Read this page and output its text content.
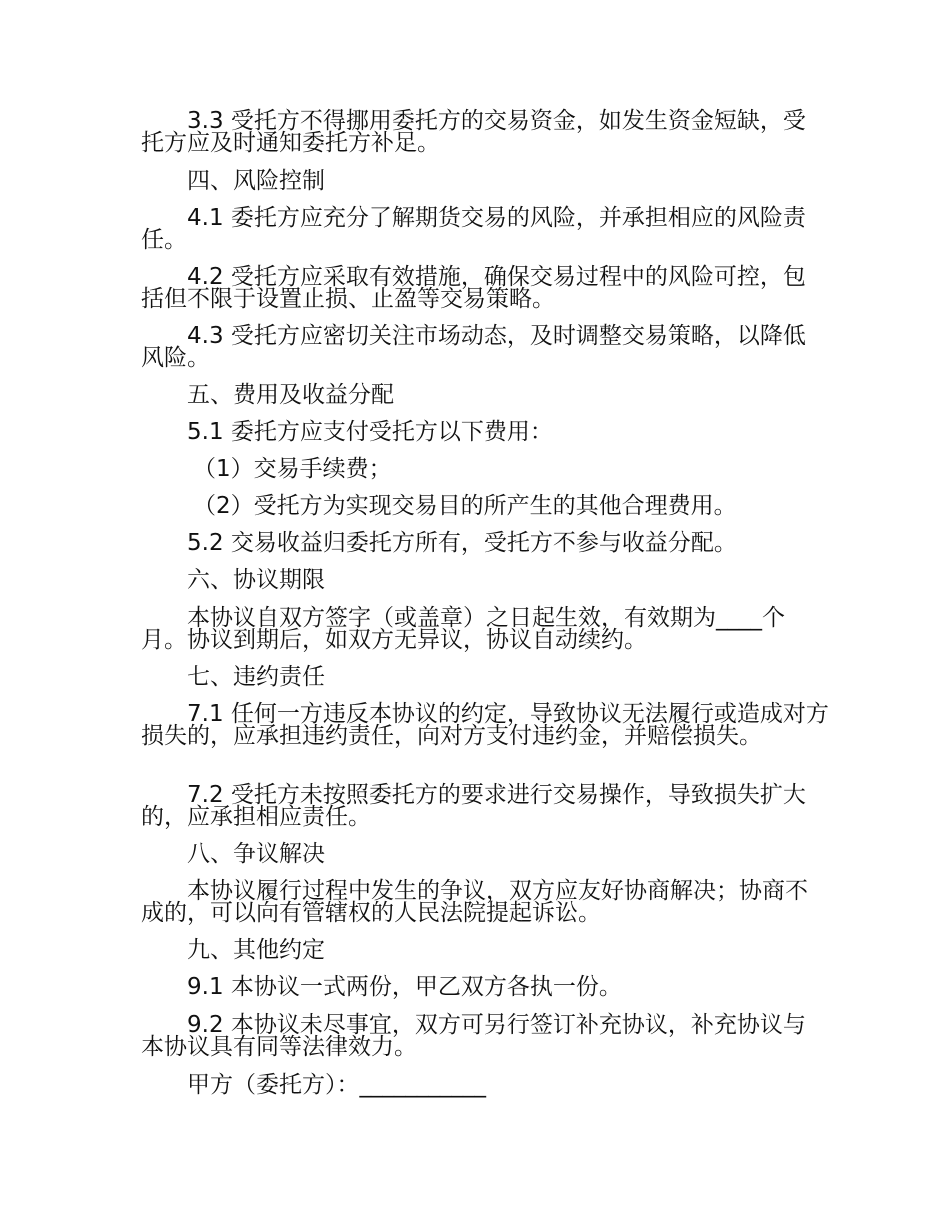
3.3 受托方不得挪用委托方的交易资金，如发生资金短缺，受托方应及时通知委托方补足。

四、风险控制

4.1 委托方应充分了解期货交易的风险，并承担相应的风险责任。

4.2 受托方应采取有效措施，确保交易过程中的风险可控，包括但不限于设置止损、止盈等交易策略。

4.3 受托方应密切关注市场动态，及时调整交易策略，以降低风险。

五、费用及收益分配

5.1 委托方应支付受托方以下费用：

（1）交易手续费；

（2）受托方为实现交易目的所产生的其他合理费用。

5.2 交易收益归委托方所有，受托方不参与收益分配。

六、协议期限

本协议自双方签字（或盖章）之日起生效，有效期为____个月。协议到期后，如双方无异议，协议自动续约。

七、违约责任

7.1 任何一方违反本协议的约定，导致协议无法履行或造成对方损失的，应承担违约责任，向对方支付违约金，并赔偿损失。

7.2 受托方未按照委托方的要求进行交易操作，导致损失扩大的，应承担相应责任。

八、争议解决

本协议履行过程中发生的争议，双方应友好协商解决；协商不成的，可以向有管辖权的人民法院提起诉讼。

九、其他约定

9.1 本协议一式两份，甲乙双方各执一份。

9.2 本协议未尽事宜，双方可另行签订补充协议，补充协议与本协议具有同等法律效力。

甲方（委托方）：___________
